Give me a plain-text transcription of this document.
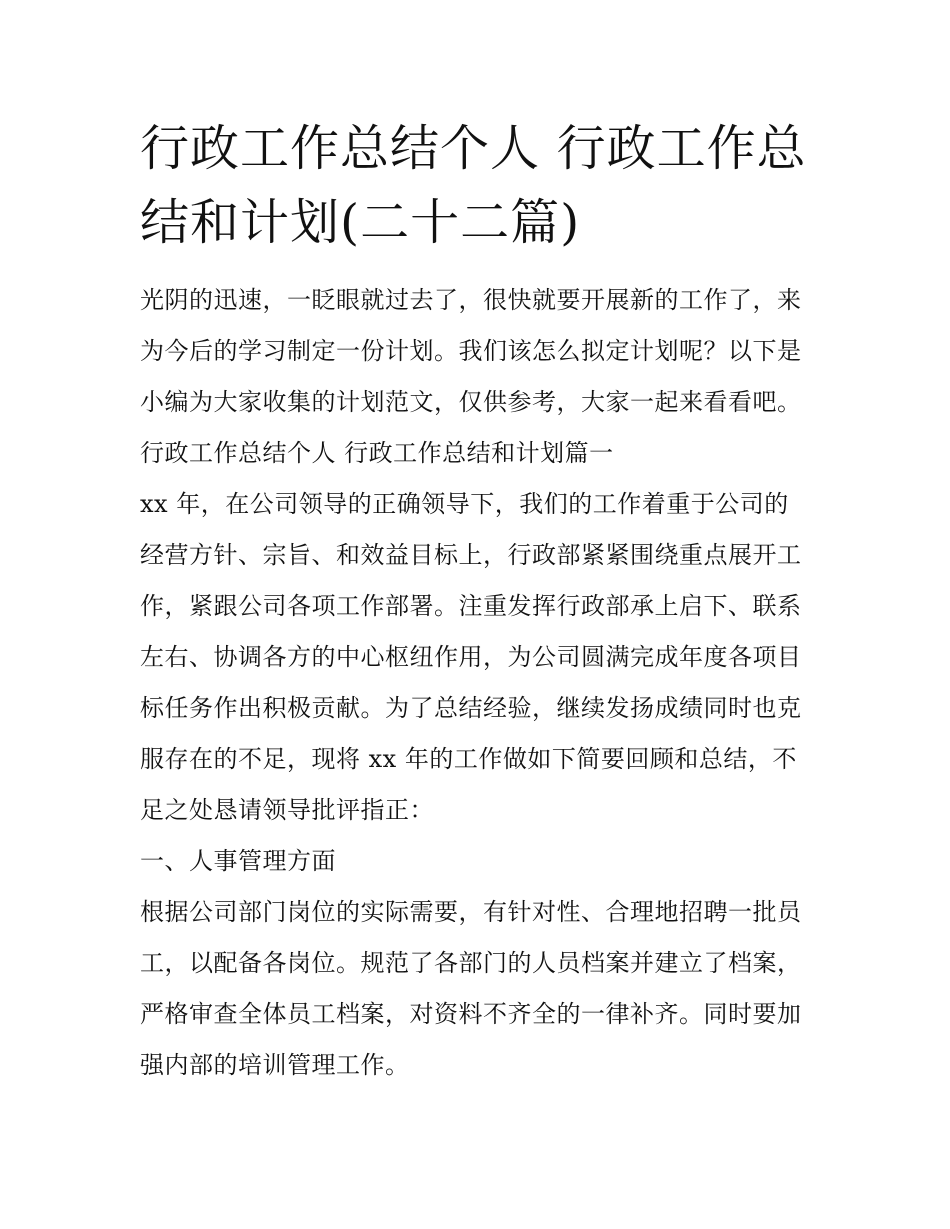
行政工作总结个人 行政工作总
结和计划(二十二篇)

光阴的迅速，一眨眼就过去了，很快就要开展新的工作了，来

为今后的学习制定一份计划。我们该怎么拟定计划呢？以下是

小编为大家收集的计划范文，仅供参考，大家一起来看看吧。

行政工作总结个人 行政工作总结和计划篇一

xx 年，在公司领导的正确领导下，我们的工作着重于公司的

经营方针、宗旨、和效益目标上，行政部紧紧围绕重点展开工

作，紧跟公司各项工作部署。注重发挥行政部承上启下、联系

左右、协调各方的中心枢纽作用，为公司圆满完成年度各项目

标任务作出积极贡献。为了总结经验，继续发扬成绩同时也克

服存在的不足，现将 xx 年的工作做如下简要回顾和总结，不

足之处恳请领导批评指正：

一、人事管理方面

根据公司部门岗位的实际需要，有针对性、合理地招聘一批员

工，以配备各岗位。规范了各部门的人员档案并建立了档案，

严格审查全体员工档案，对资料不齐全的一律补齐。同时要加

强内部的培训管理工作。
